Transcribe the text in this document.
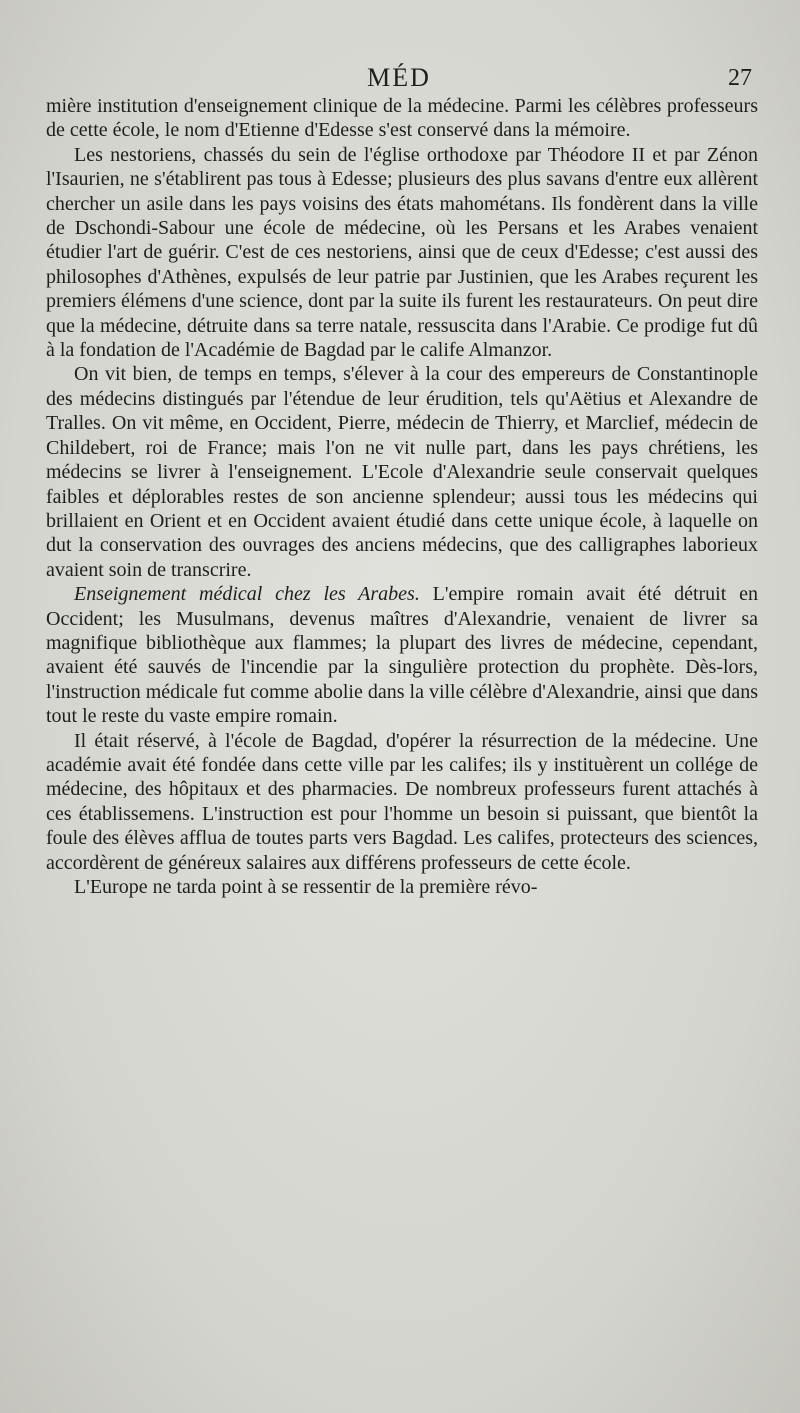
MÉD	27

mière institution d'enseignement clinique de la médecine. Parmi les célèbres professeurs de cette école, le nom d'Etienne d'Edesse s'est conservé dans la mémoire.

Les nestoriens, chassés du sein de l'église orthodoxe par Théodore II et par Zénon l'Isaurien, ne s'établirent pas tous à Edesse; plusieurs des plus savans d'entre eux allèrent chercher un asile dans les pays voisins des états mahométans. Ils fondèrent dans la ville de Dschondi-Sabour une école de médecine, où les Persans et les Arabes venaient étudier l'art de guérir. C'est de ces nestoriens, ainsi que de ceux d'Edesse; c'est aussi des philosophes d'Athènes, expulsés de leur patrie par Justinien, que les Arabes reçurent les premiers élémens d'une science, dont par la suite ils furent les restaurateurs. On peut dire que la médecine, détruite dans sa terre natale, ressuscita dans l'Arabie. Ce prodige fut dû à la fondation de l'Académie de Bagdad par le calife Almanzor.

On vit bien, de temps en temps, s'élever à la cour des empereurs de Constantinople des médecins distingués par l'étendue de leur érudition, tels qu'Aëtius et Alexandre de Tralles. On vit même, en Occident, Pierre, médecin de Thierry, et Marclief, médecin de Childebert, roi de France; mais l'on ne vit nulle part, dans les pays chrétiens, les médecins se livrer à l'enseignement. L'Ecole d'Alexandrie seule conservait quelques faibles et déplorables restes de son ancienne splendeur; aussi tous les médecins qui brillaient en Orient et en Occident avaient étudié dans cette unique école, à laquelle on dut la conservation des ouvrages des anciens médecins, que des calligraphes laborieux avaient soin de transcrire.

Enseignement médical chez les Arabes. L'empire romain avait été détruit en Occident; les Musulmans, devenus maîtres d'Alexandrie, venaient de livrer sa magnifique bibliothèque aux flammes; la plupart des livres de médecine, cependant, avaient été sauvés de l'incendie par la singulière protection du prophète. Dès-lors, l'instruction médicale fut comme abolie dans la ville célèbre d'Alexandrie, ainsi que dans tout le reste du vaste empire romain.

Il était réservé, à l'école de Bagdad, d'opérer la résurrection de la médecine. Une académie avait été fondée dans cette ville par les califes; ils y instituèrent un collége de médecine, des hôpitaux et des pharmacies. De nombreux professeurs furent attachés à ces établissemens. L'instruction est pour l'homme un besoin si puissant, que bientôt la foule des élèves afflua de toutes parts vers Bagdad. Les califes, protecteurs des sciences, accordèrent de généreux salaires aux différens professeurs de cette école.

L'Europe ne tarda point à se ressentir de la première révo-
